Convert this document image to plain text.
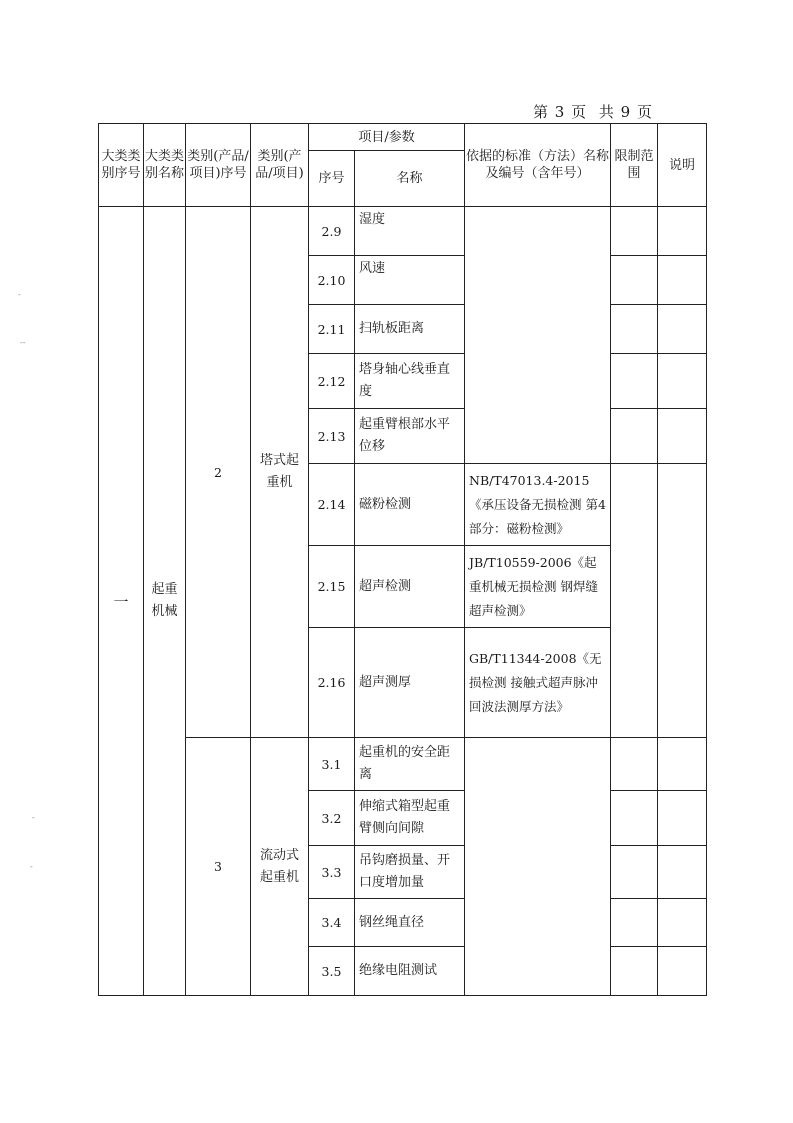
第 3 页 共 9 页
-
--
-
-
大类类别序号	大类类别名称	类别(产品/项目)序号	类别(产品/项目)	项目/参数		依据的标准（方法）名称及编号（含年号）	限制范围	说明
				序号	名称			
一	起重机械	2	塔式起重机	2.9	湿度			
				2.10	风速			
				2.11	扫轨板距离			
				2.12	塔身轴心线垂直度			
				2.13	起重臂根部水平位移			
				2.14	磁粉检测	NB/T47013.4-2015《承压设备无损检测 第4部分：磁粉检测》		
				2.15	超声检测	JB/T10559-2006《起重机械无损检测 钢焊缝超声检测》		
				2.16	超声测厚	GB/T11344-2008《无损检测 接触式超声脉冲回波法测厚方法》		
		3	流动式起重机	3.1	起重机的安全距离			
				3.2	伸缩式箱型起重臂侧向间隙			
				3.3	吊钩磨损量、开口度增加量			
				3.4	钢丝绳直径			
				3.5	绝缘电阻测试			
